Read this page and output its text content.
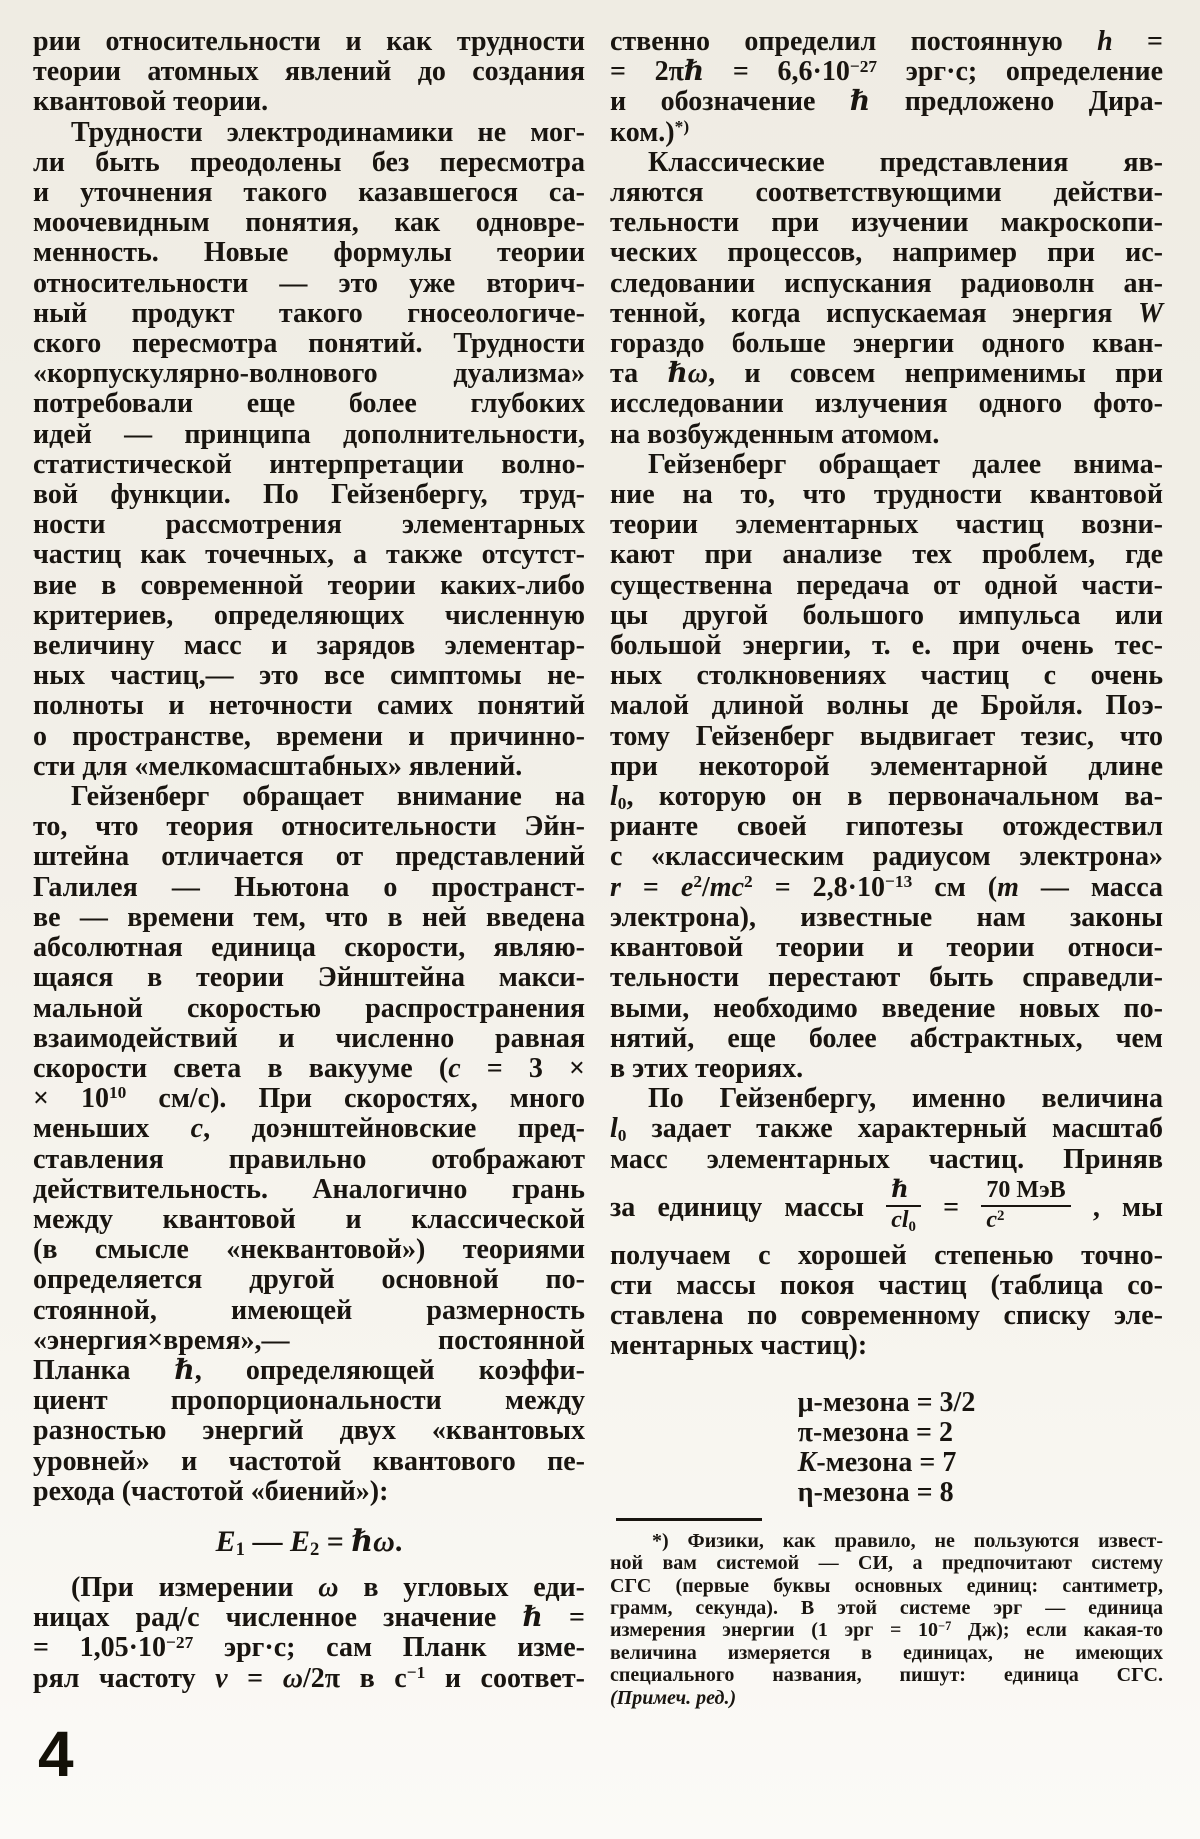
рии относительности и как трудности
теории атомных явлений до создания
квантовой теории.
Трудности электродинамики не мог-
ли быть преодолены без пересмотра
и уточнения такого казавшегося са-
моочевидным понятия, как одновре-
менность. Новые формулы теории
относительности — это уже вторич-
ный продукт такого гносеологиче-
ского пересмотра понятий. Трудности
«корпускулярно-волнового дуализма»
потребовали еще более глубоких
идей — принципа дополнительности,
статистической интерпретации волно-
вой функции. По Гейзенбергу, труд-
ности рассмотрения элементарных
частиц как точечных, а также отсутст-
вие в современной теории каких-либо
критериев, определяющих численную
величину масс и зарядов элементар-
ных частиц,— это все симптомы не-
полноты и неточности самих понятий
о пространстве, времени и причинно-
сти для «мелкомасштабных» явлений.
Гейзенберг обращает внимание на
то, что теория относительности Эйн-
штейна отличается от представлений
Галилея — Ньютона о пространст-
ве — времени тем, что в ней введена
абсолютная единица скорости, являю-
щаяся в теории Эйнштейна макси-
мальной скоростью распространения
взаимодействий и численно равная
скорости света в вакууме (c = 3 ×
× $10^{10}$ см/с). При скоростях, много
меньших c, доэнштейновские пред-
ставления правильно отображают
действительность. Аналогично грань
между квантовой и классической
(в смысле «неквантовой») теориями
определяется другой основной по-
стоянной, имеющей размерность
«энергия×время»,— постоянной
Планка ℏ, определяющей коэффи-
циент пропорциональности между
разностью энергий двух «квантовых
уровней» и частотой квантового пе-
рехода (частотой «биений»):
E1 — E2 = ℏω.
(При измерении ω в угловых еди-
ницах рад/с численное значение ℏ =
= $1,05\cdot 10^{-27}$ эрг·с; сам Планк изме-
рял частоту ν = ω/2π в $с^{-1}$ и соответ-
ственно определил постоянную h =
= 2πℏ = $6,6\cdot 10^{-27}$ эрг·с; определение
и обозначение ℏ предложено Дира-
ком.)*)
Классические представления яв-
ляются соответствующими действи-
тельности при изучении макроскопи-
ческих процессов, например при ис-
следовании испускания радиоволн ан-
тенной, когда испускаемая энергия W
гораздо больше энергии одного кван-
та ℏω, и совсем неприменимы при
исследовании излучения одного фото-
на возбужденным атомом.
Гейзенберг обращает далее внима-
ние на то, что трудности квантовой
теории элементарных частиц возни-
кают при анализе тех проблем, где
существенна передача от одной части-
цы другой большого импульса или
большой энергии, т. е. при очень тес-
ных столкновениях частиц с очень
малой длиной волны де Бройля. Поэ-
тому Гейзенберг выдвигает тезис, что
при некоторой элементарной длине
l0, которую он в первоначальном ва-
рианте своей гипотезы отождествил
с «классическим радиусом электрона»
$r = e^2/mc^2 = 2,8\cdot 10^{-13}$ см (m — масса
электрона), известные нам законы
квантовой теории и теории относи-
тельности перестают быть справедли-
выми, необходимо введение новых по-
нятий, еще более абстрактных, чем
в этих теориях.
По Гейзенбергу, именно величина
l0 задает также характерный масштаб
масс элементарных частиц. Приняв
за единицу массы $\frac{\text{ℏ}}{cl0} = \frac{\text{70 МэВ}}{c^2}$ , мы
получаем с хорошей степенью точно-
сти массы покоя частиц (таблица со-
ставлена по современному списку эле-
ментарных частиц):
μ-мезона = 3/2
π-мезона = 2
K-мезона = 7
η-мезона = 8
*) Физики, как правило, не пользуются извест-
ной вам системой — СИ, а предпочитают систему
СГС (первые буквы основных единиц: сантиметр,
грамм, секунда). В этой системе эрг — единица
измерения энергии (1 эрг = $10^{-7}$ Дж); если какая-то
величина измеряется в единицах, не имеющих
специального названия, пишут: единица СГС.
(Примеч. ред.)
4
